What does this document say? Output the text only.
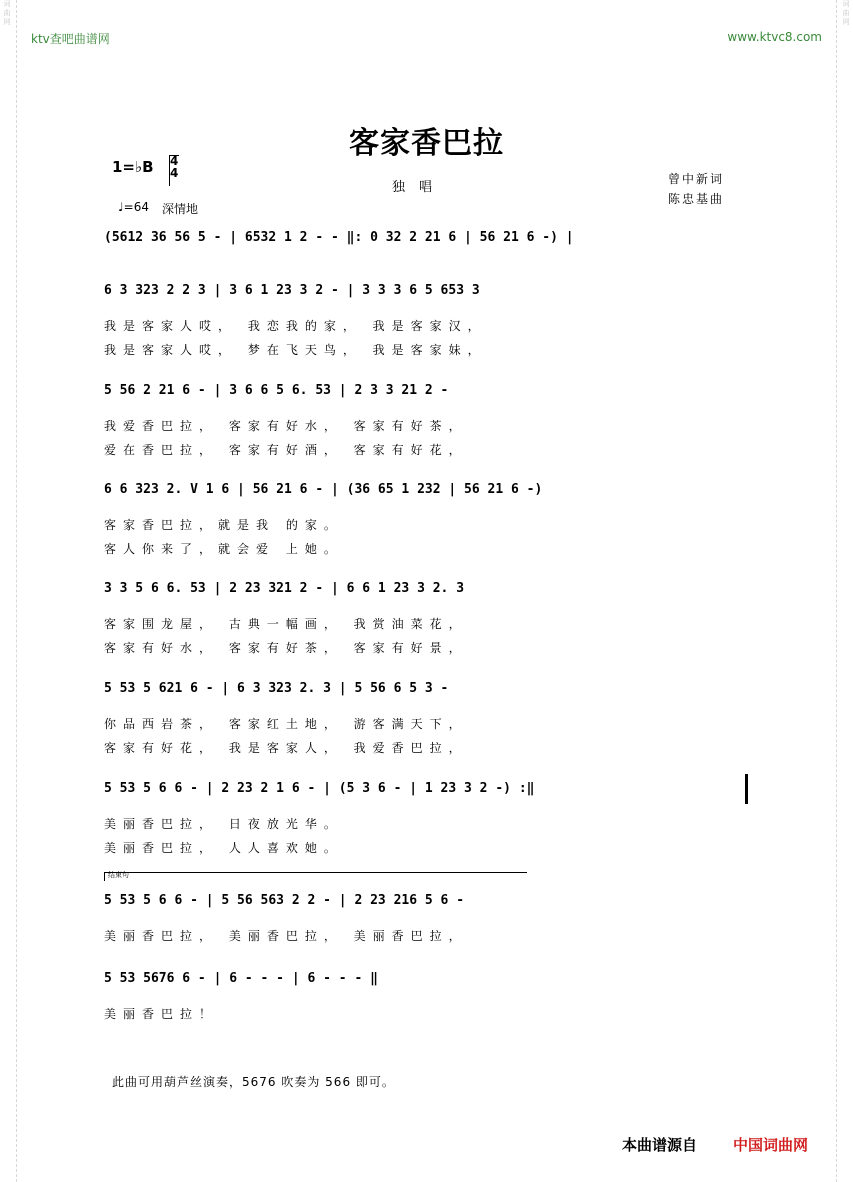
词
曲
网
词
曲
网
ktv查吧曲谱网	www.ktvc8.com
客家香巴拉
1=♭B 4
4
独唱
曾中新词
陈忠基曲
♩=64 深情地
(5612 36 56 5 - | 6532 1 2 - - ‖: 0 32 2 21 6 | 56 21 6 -) |
6 3 323 2 2 3 | 3 6 1 23 3 2 - | 3 3 3 6 5 653 3
我是客家人哎， 我恋我的家， 我是客家汉，
我是客家人哎， 梦在飞天鸟， 我是客家妹，
5 56 2 21 6 - | 3 6 6 5 6. 53 | 2 3 3 21 2 -
我爱香巴拉， 客家有好水， 客家有好茶，
爱在香巴拉， 客家有好酒， 客家有好花，
6 6 323 2. V 1 6 | 56 21 6 - | (36 65 1 232 | 56 21 6 -)
客家香巴拉，就是我 的家。
客人你来了，就会爱 上她。
3 3 5 6 6. 53 | 2 23 321 2 - | 6 6 1 23 3 2. 3
客家围龙屋， 古典一幅画， 我赏油菜花，
客家有好水， 客家有好茶， 客家有好景，
5 53 5 621 6 - | 6 3 323 2. 3 | 5 56 6 5 3 -
你品西岩茶， 客家红土地， 游客满天下，
客家有好花， 我是客家人， 我爱香巴拉，
5 53 5 6 6 - | 2 23 2 1 6 - | (5 3 6 - | 1 23 3 2 -) :‖
美丽香巴拉， 日夜放光华。
美丽香巴拉， 人人喜欢她。
结束句
5 53 5 6 6 - | 5 56 563 2 2 - | 2 23 216 5 6 -
美丽香巴拉， 美丽香巴拉， 美丽香巴拉，
5 53 5676 6 - | 6 - - - | 6 - - - ‖
美丽香巴拉！
此曲可用葫芦丝演奏，5676 吹奏为 566 即可。
本曲谱源自 中国词曲网
